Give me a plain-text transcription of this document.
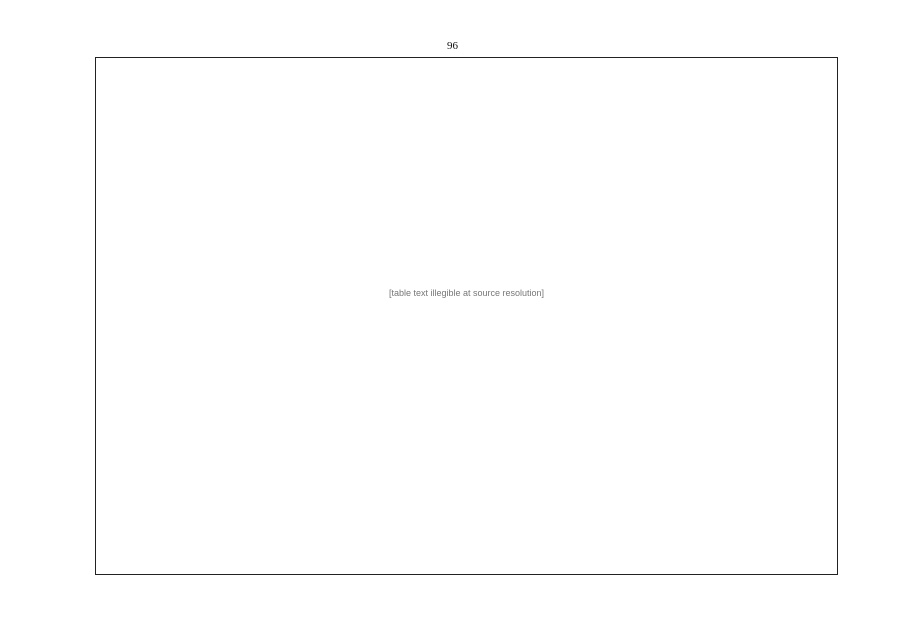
96
[table text illegible at source resolution]
